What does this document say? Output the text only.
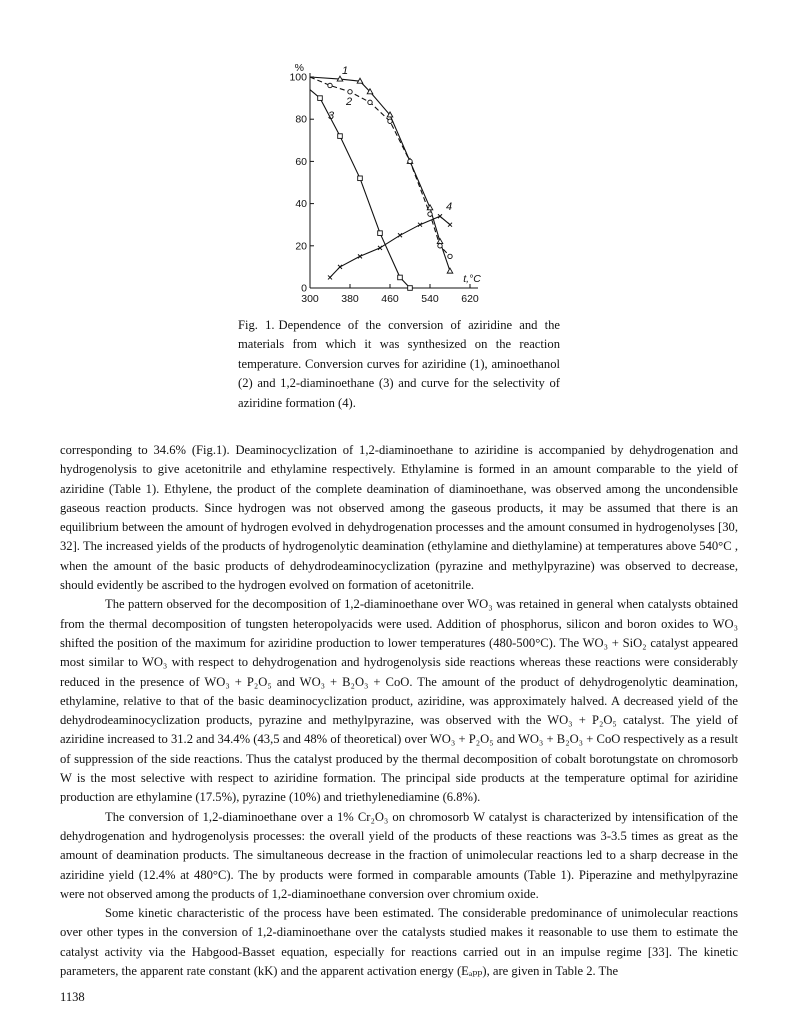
0
20
40
60
80
100
300 380 460 540 620
%
t,°C
1
2
3
4
Fig. 1. Dependence of the conversion of aziridine and the materials from which it was synthesized on the reaction temperature. Conversion curves for aziridine (1), aminoethanol (2) and 1,2-diaminoethane (3) and curve for the selectivity of aziridine formation (4).

corresponding to 34.6% (Fig.1). Deaminocyclization of 1,2-diaminoethane to aziridine is accompanied by dehydrogenation and hydrogenolysis to give acetonitrile and ethylamine respectively. Ethylamine is formed in an amount comparable to the yield of aziridine (Table 1). Ethylene, the product of the complete deamination of diaminoethane, was observed among the uncondensible gaseous reaction products. Since hydrogen was not observed among the gaseous products, it may be assumed that there is an equilibrium between the amount of hydrogen evolved in dehydrogenation processes and the amount consumed in hydrogenolyses [30, 32]. The increased yields of the products of hydrogenolytic deamination (ethylamine and diethylamine) at temperatures above 540°C , when the amount of the basic products of dehydrodeaminocyclization (pyrazine and methylpyrazine) was observed to decrease, should evidently be ascribed to the hydrogen evolved on formation of acetonitrile.

The pattern observed for the decomposition of 1,2-diaminoethane over WO₃ was retained in general when catalysts obtained from the thermal decomposition of tungsten heteropolyacids were used. Addition of phosphorus, silicon and boron oxides to WO₃ shifted the position of the maximum for aziridine production to lower temperatures (480-500°C). The WO₃ + SiO₂ catalyst appeared most similar to WO₃ with respect to dehydrogenation and hydrogenolysis side reactions whereas these reactions were considerably reduced in the presence of WO₃ + P₂O₅ and WO₃ + B₂O₃ + CoO. The amount of the product of dehydrogenolytic deamination, ethylamine, relative to that of the basic deaminocyclization product, aziridine, was approximately halved. A decreased yield of the dehydrodeaminocyclization products, pyrazine and methylpyrazine, was observed with the WO₃ + P₂O₅ catalyst. The yield of aziridine increased to 31.2 and 34.4% (43,5 and 48% of theoretical) over WO₃ + P₂O₅ and WO₃ + B₂O₃ + CoO respectively as a result of suppression of the side reactions. Thus the catalyst produced by the thermal decomposition of cobalt borotungstate on chromosorb W is the most selective with respect to aziridine formation. The principal side products at the temperature optimal for aziridine production are ethylamine (17.5%), pyrazine (10%) and triethylenediamine (6.8%).

The conversion of 1,2-diaminoethane over a 1% Cr₂O₃ on chromosorb W catalyst is characterized by intensification of the dehydrogenation and hydrogenolysis processes: the overall yield of the products of these reactions was 3-3.5 times as great as the amount of deamination products. The simultaneous decrease in the fraction of unimolecular reactions led to a sharp decrease in the aziridine yield (12.4% at 480°C). The by products were formed in comparable amounts (Table 1). Piperazine and methylpyrazine were not observed among the products of 1,2-diaminoethane conversion over chromium oxide.

Some kinetic characteristic of the process have been estimated. The considerable predominance of unimolecular reactions over other types in the conversion of 1,2-diaminoethane over the catalysts studied makes it reasonable to use them to estimate the catalyst activity via the Habgood-Basset equation, especially for reactions carried out in an impulse regime [33]. The kinetic parameters, the apparent rate constant (kK) and the apparent activation energy (Eₐₚₚ), are given in Table 2. The

1138
